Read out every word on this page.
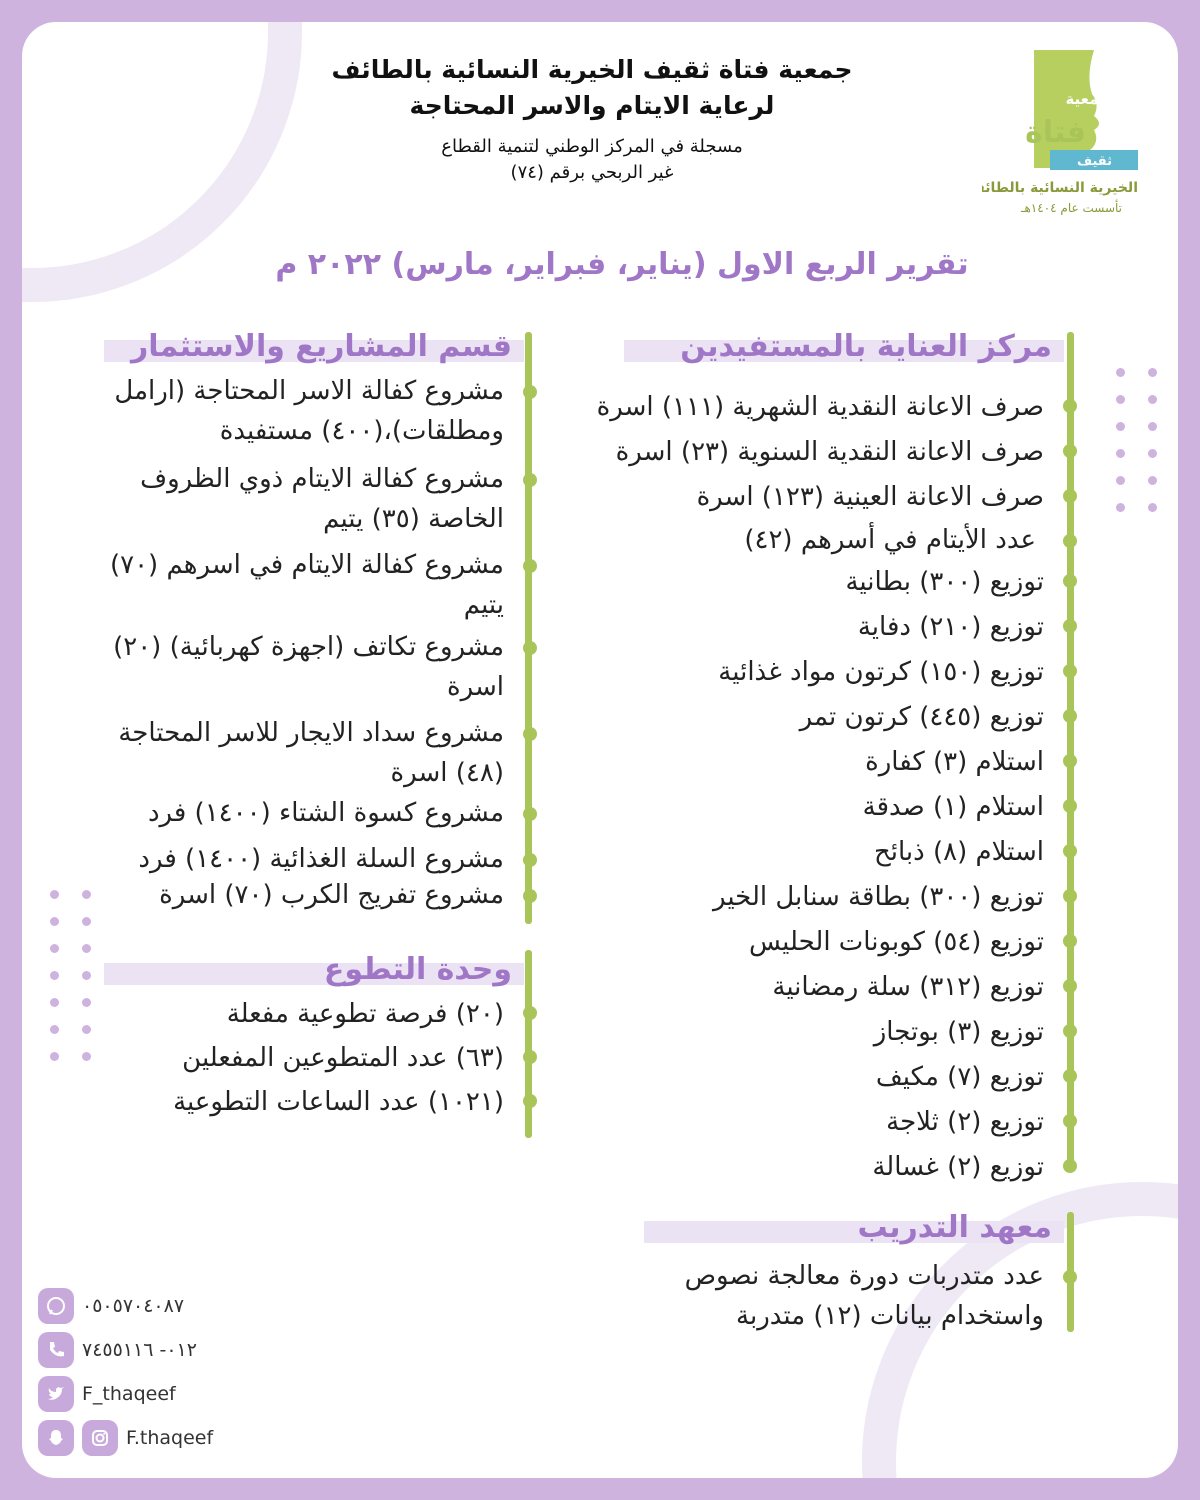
جمعية فتاة ثقيف الخيرية النسائية بالطائف
لرعاية الايتام والاسر المحتاجة
مسجلة في المركز الوطني لتنمية القطاع
غير الربحي برقم (٧٤)
جمعية
فتاة
ثقيف
الخيرية النسائية بالطائف
تأسست عام ١٤٠٤هـ
تقرير الربع الاول (يناير، فبراير، مارس) ٢٠٢٢ م
مركز العناية بالمستفيدين
صرف الاعانة النقدية الشهرية (١١١) اسرة
صرف الاعانة النقدية السنوية (٢٣) اسرة
صرف الاعانة العينية (١٢٣) اسرة
عدد الأيتام في أسرهم (٤٢)
توزيع (٣٠٠) بطانية
توزيع (٢١٠) دفاية
توزيع (١٥٠) كرتون مواد غذائية
توزيع (٤٤٥) كرتون تمر
استلام (٣) كفارة
استلام (١) صدقة
استلام (٨) ذبائح
توزيع (٣٠٠) بطاقة سنابل الخير
توزيع (٥٤) كوبونات الحليس
توزيع (٣١٢) سلة رمضانية
توزيع (٣) بوتجاز
توزيع (٧) مكيف
توزيع (٢) ثلاجة
توزيع (٢) غسالة
قسم المشاريع والاستثمار
مشروع كفالة الاسر المحتاجة (ارامل ومطلقات)،(٤٠٠) مستفيدة
مشروع كفالة الايتام ذوي الظروف الخاصة (٣٥) يتيم
مشروع كفالة الايتام في اسرهم (٧٠) يتيم
مشروع تكاتف (اجهزة كهربائية) (٢٠) اسرة
مشروع سداد الايجار للاسر المحتاجة (٤٨) اسرة
مشروع كسوة الشتاء (١٤٠٠) فرد
مشروع السلة الغذائية (١٤٠٠) فرد
مشروع تفريج الكرب (٧٠) اسرة
وحدة التطوع
(٢٠) فرصة تطوعية مفعلة
(٦٣) عدد المتطوعين المفعلين
(١٠٢١) عدد الساعات التطوعية
معهد التدريب
عدد متدربات دورة معالجة نصوص واستخدام بيانات (١٢) متدربة
٠٥٠٥٧٠٤٠٨٧
٠١٢- ٧٤٥٥١١٦
F_thaqeef
F.thaqeef
